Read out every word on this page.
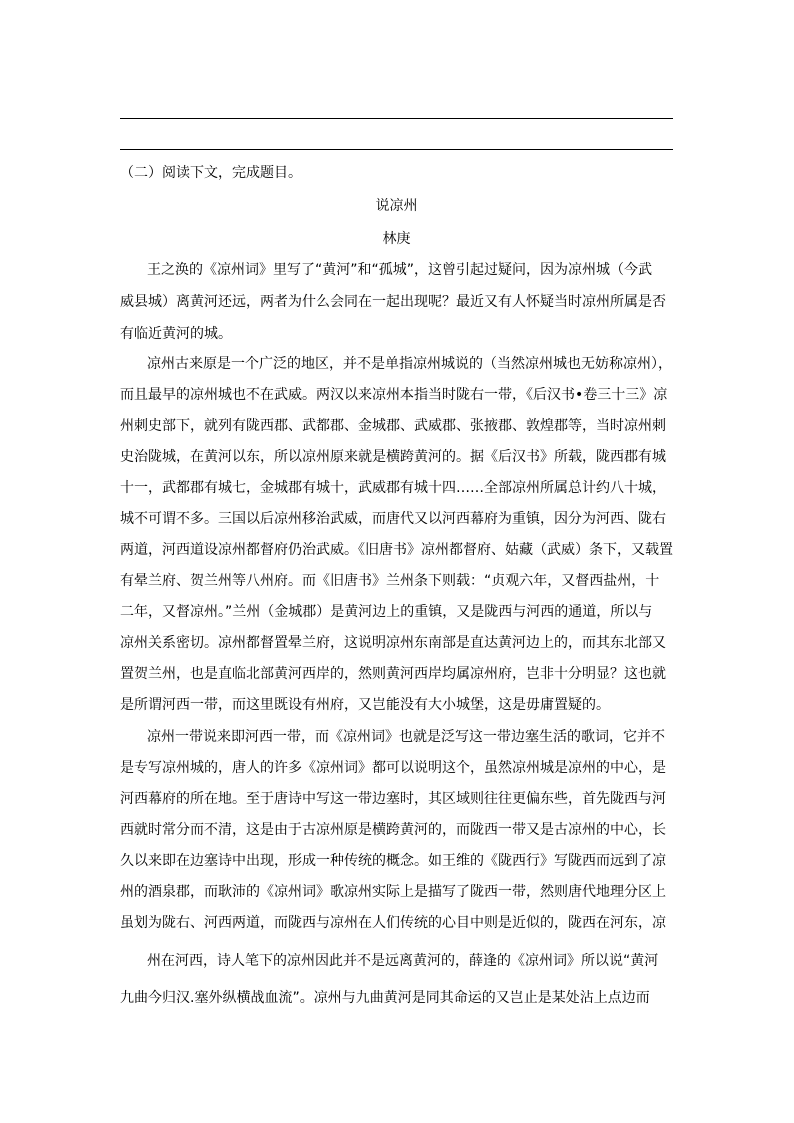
（二）阅读下文，完成题目。
说凉州
林庚
王之涣的《凉州词》里写了“黄河”和“孤城”，这曾引起过疑问，因为凉州城（今武
威县城）离黄河还远，两者为什么会同在一起出现呢？最近又有人怀疑当时凉州所属是否
有临近黄河的城。
凉州古来原是一个广泛的地区，并不是单指凉州城说的（当然凉州城也无妨称凉州），
而且最早的凉州城也不在武威。两汉以来凉州本指当时陇右一带，《后汉书•卷三十三》凉
州刺史部下，就列有陇西郡、武都郡、金城郡、武威郡、张掖郡、敦煌郡等，当时凉州刺
史治陇城，在黄河以东，所以凉州原来就是横跨黄河的。据《后汉书》所载，陇西郡有城
十一，武都郡有城七，金城郡有城十，武威郡有城十四……全部凉州所属总计约八十城，
城不可谓不多。三国以后凉州移治武威，而唐代又以河西幕府为重镇，因分为河西、陇右
两道，河西道设凉州都督府仍治武威。《旧唐书》凉州都督府、姑藏（武威）条下，又载置
有晕兰府、贺兰州等八州府。而《旧唐书》兰州条下则载：“贞观六年，又督西盐州，十
二年，又督凉州。”兰州（金城郡）是黄河边上的重镇，又是陇西与河西的通道，所以与
凉州关系密切。凉州都督置晕兰府，这说明凉州东南部是直达黄河边上的，而其东北部又
置贺兰州，也是直临北部黄河西岸的，然则黄河西岸均属凉州府，岂非十分明显？这也就
是所谓河西一带，而这里既设有州府，又岂能没有大小城堡，这是毋庸置疑的。
凉州一带说来即河西一带，而《凉州词》也就是泛写这一带边塞生活的歌词，它并不
是专写凉州城的，唐人的许多《凉州词》都可以说明这个，虽然凉州城是凉州的中心，是
河西幕府的所在地。至于唐诗中写这一带边塞时，其区域则往往更偏东些，首先陇西与河
西就时常分而不清，这是由于古凉州原是横跨黄河的，而陇西一带又是古凉州的中心，长
久以来即在边塞诗中出现，形成一种传统的概念。如王维的《陇西行》写陇西而远到了凉
州的酒泉郡，而耿沛的《凉州词》歌凉州实际上是描写了陇西一带，然则唐代地理分区上
虽划为陇右、河西两道，而陇西与凉州在人们传统的心目中则是近似的，陇西在河东，凉
州在河西，诗人笔下的凉州因此并不是远离黄河的，薛逢的《凉州词》所以说“黄河
九曲今归汉.塞外纵横战血流”。凉州与九曲黄河是同其命运的又岂止是某处沾上点边而
